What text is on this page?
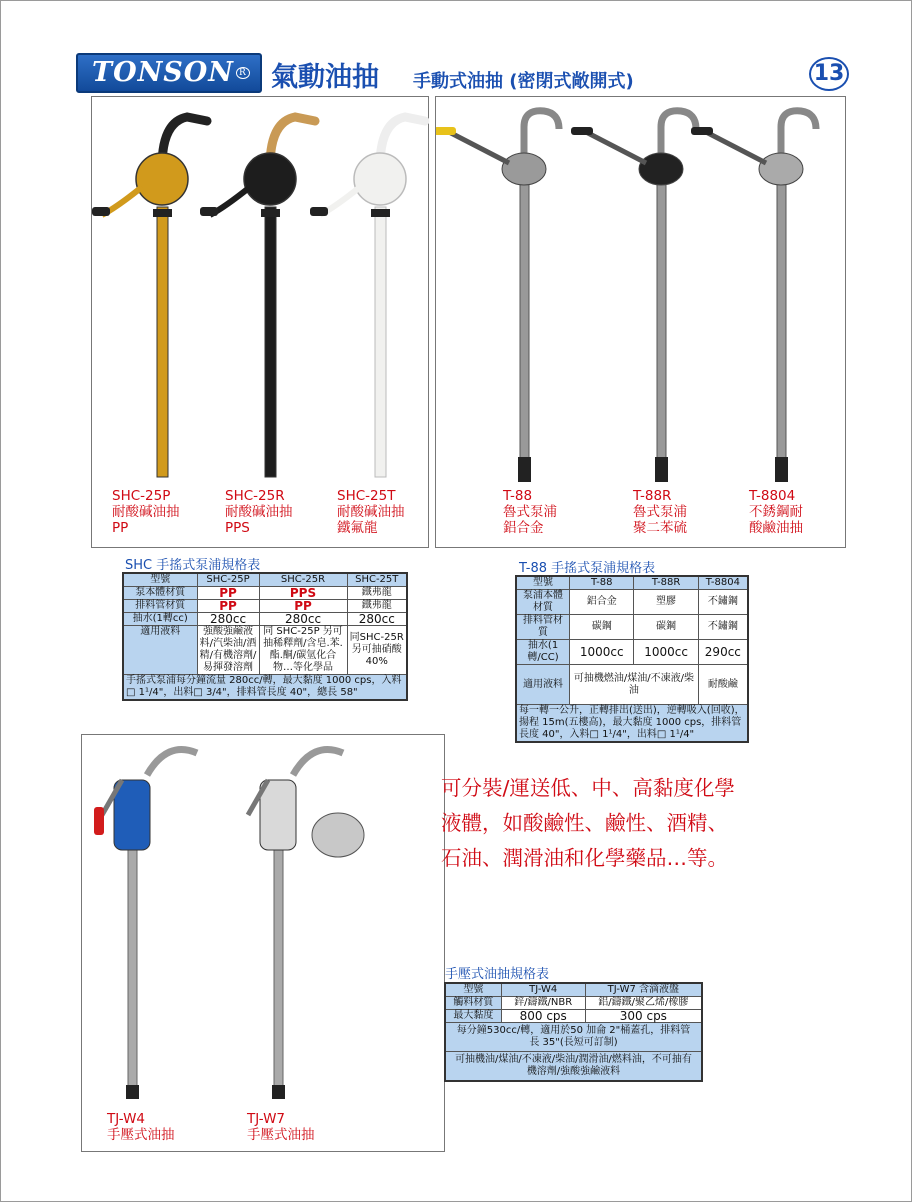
TONSON $^R$ 氣動油抽 手動式油抽 (密閉式敞開式)	13
SHC-25P
耐酸碱油抽
PP
SHC-25R
耐酸碱油抽
PPS
SHC-25T
耐酸碱油抽
鐵氟龍
T-88
魯式泵浦
鋁合金
T-88R
魯式泵浦
聚二苯硫
T-8804
不銹鋼耐
酸鹼油抽
SHC 手搖式泵浦規格表
型號	SHC-25P	SHC-25R	SHC-25T
泵本體材質	PP	PPS	鐵弗龍
排料管材質	PP	PP	鐵弗龍
抽水(1轉cc)	280cc	280cc	280cc
適用液料	強酸強鹼液料/汽柴油/酒精/有機溶劑/易揮發溶劑	同 SHC-25P 另可抽稀釋劑/含皂.苯.酯.酮/碳氫化合物…等化學品	同SHC-25R另可抽硝酸40%
手搖式泵浦每分鐘流量 280cc/轉，最大黏度 1000 cps，入料□ 1¹/4"，出料□ 3/4"，排料管長度 40"，總長 58"			
T-88 手搖式泵浦規格表
型號	T-88	T-88R	T-8804
泵浦本體材質	鋁合金	塑膠	不鏽鋼
排料管材質	碳鋼	碳鋼	不鏽鋼
抽水(1轉/CC)	1000cc	1000cc	290cc
適用液料	可抽機燃油/煤油/不凍液/柴油		耐酸鹼
每一轉一公升，正轉排出(送出)，逆轉吸入(回收)，揚程 15m(五樓高)，最大黏度 1000 cps，排料管長度 40"，入料□ 1¹/4"，出料□ 1¹/4"			
TJ-W4
手壓式油抽
TJ-W7
手壓式油抽
可分裝/運送低、中、高黏度化學
液體，如酸鹼性、鹼性、酒精、
石油、潤滑油和化學藥品…等。
手壓式油抽規格表
型號	TJ-W4	TJ-W7 含滴液盤
觸料材質	鋅/鑄鐵/NBR	鋁/鑄鐵/聚乙烯/橡膠
最大黏度	800 cps	300 cps
每分鐘530cc/轉，適用於50 加侖 2"桶蓋孔，排料管長 35"(長短可訂制)		
可抽機油/煤油/不凍液/柴油/潤滑油/燃料油，不可抽有機溶劑/強酸強鹼液料		
